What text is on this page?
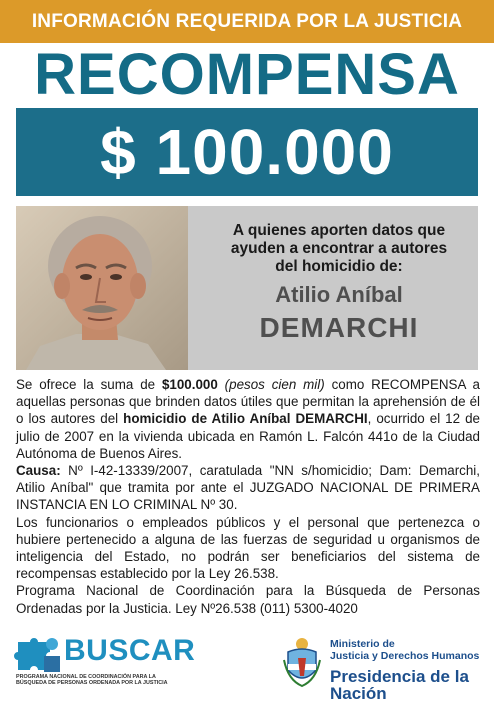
INFORMACIÓN REQUERIDA POR LA JUSTICIA
RECOMPENSA
$ 100.000
A quienes aporten datos que
ayuden a encontrar a autores
del homicidio de:
Atilio Aníbal
DEMARCHI

Se ofrece la suma de $100.000 (pesos cien mil) como RECOMPENSA a aquellas personas que brinden datos útiles que permitan la aprehensión de él o los autores del homicidio de Atilio Aníbal DEMARCHI, ocurrido el 12 de julio de 2007 en la vivienda ubicada en Ramón L. Falcón 441o de la Ciudad Autónoma de Buenos Aires.

Causa: Nº I-42-13339/2007, caratulada "NN s/homicidio; Dam: Demarchi, Atilio Aníbal" que tramita por ante el JUZGADO NACIONAL DE PRIMERA INSTANCIA EN LO CRIMINAL Nº 30.

Los funcionarios o empleados públicos y el personal que pertenezca o hubiere pertenecido a alguna de las fuerzas de seguridad u organismos de inteligencia del Estado, no podrán ser beneficiarios del sistema de recompensas establecido por la Ley 26.538.

Programa Nacional de Coordinación para la Búsqueda de Personas Ordenadas por la Justicia. Ley Nº26.538 (011) 5300-4020

BUSCAR
PROGRAMA NACIONAL DE COORDINACIÓN PARA LA
BÚSQUEDA DE PERSONAS ORDENADA POR LA JUSTICIA
Ministerio de
Justicia y Derechos Humanos
Presidencia de la Nación
